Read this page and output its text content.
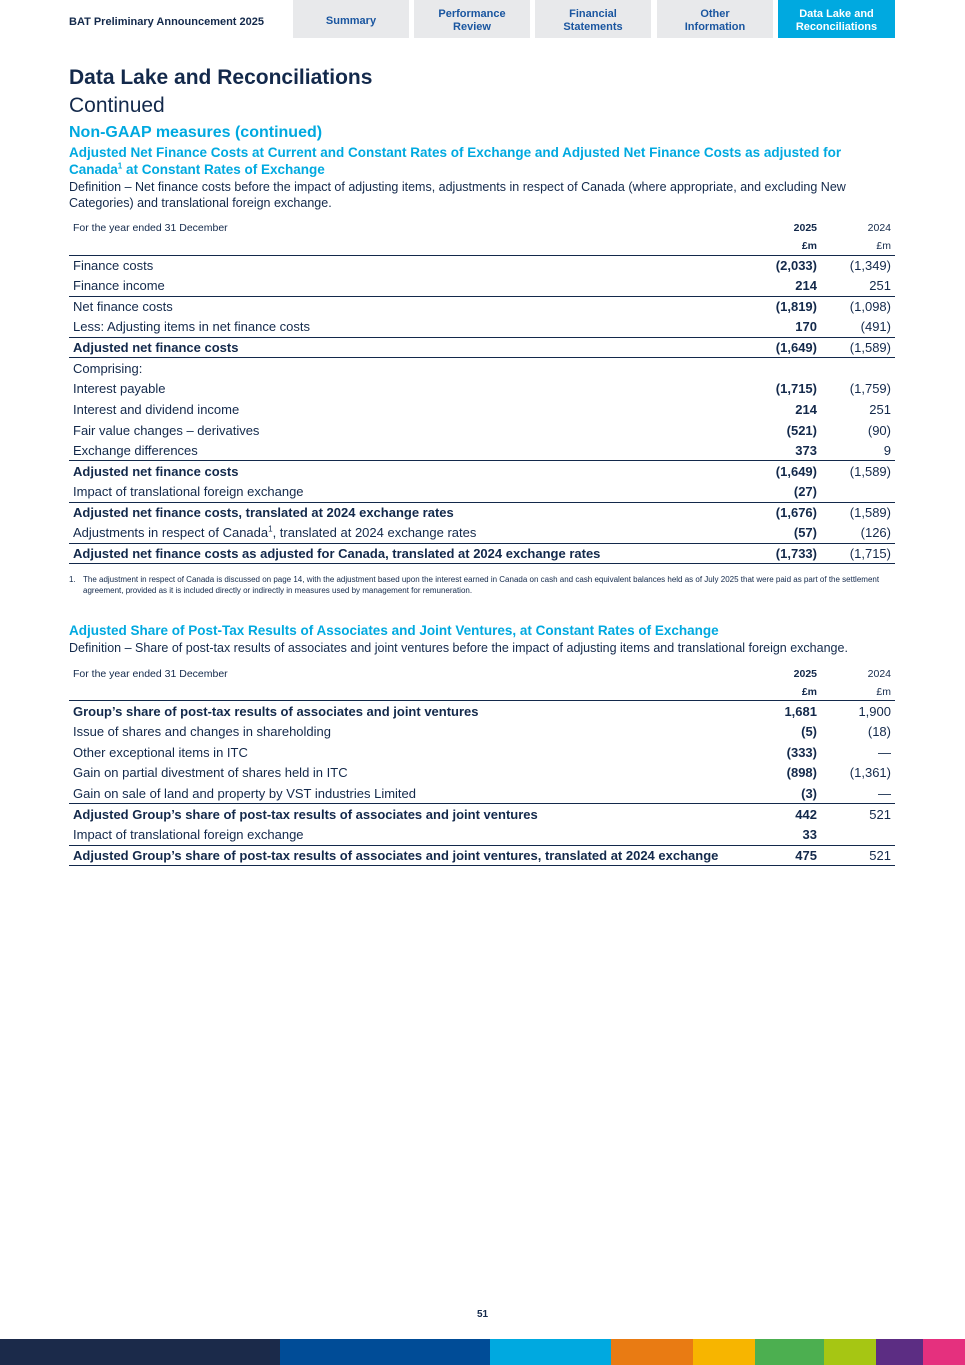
BAT Preliminary Announcement 2025	Summary
Performance
Review
Financial
Statements
Other
Information
Data Lake and
Reconciliations
Data Lake and Reconciliations
Continued
Non-GAAP measures (continued)
Adjusted Net Finance Costs at Current and Constant Rates of Exchange and Adjusted Net Finance Costs as adjusted for Canada$^1$ at Constant Rates of Exchange
Definition – Net finance costs before the impact of adjusting items, adjustments in respect of Canada (where appropriate, and excluding New Categories) and translational foreign exchange.
For the year ended 31 December	2025	2024
	£m	£m
Finance costs	(2,033)	(1,349)
Finance income	214	251
Net finance costs	(1,819)	(1,098)
Less: Adjusting items in net finance costs	170	(491)
Adjusted net finance costs	(1,649)	(1,589)
Comprising:		
Interest payable	(1,715)	(1,759)
Interest and dividend income	214	251
Fair value changes – derivatives	(521)	(90)
Exchange differences	373	9
Adjusted net finance costs	(1,649)	(1,589)
Impact of translational foreign exchange	(27)	
Adjusted net finance costs, translated at 2024 exchange rates	(1,676)	(1,589)
Adjustments in respect of Canada$^1$, translated at 2024 exchange rates	(57)	(126)
Adjusted net finance costs as adjusted for Canada, translated at 2024 exchange rates	(1,733)	(1,715)
1. The adjustment in respect of Canada is discussed on page 14, with the adjustment based upon the interest earned in Canada on cash and cash equivalent balances held as of July 2025 that were paid as part of the settlement agreement, provided as it is included directly or indirectly in measures used by management for remuneration.
Adjusted Share of Post-Tax Results of Associates and Joint Ventures, at Constant Rates of Exchange
Definition – Share of post-tax results of associates and joint ventures before the impact of adjusting items and translational foreign exchange.
For the year ended 31 December	2025	2024
	£m	£m
Group’s share of post-tax results of associates and joint ventures	1,681	1,900
Issue of shares and changes in shareholding	(5)	(18)
Other exceptional items in ITC	(333)	—
Gain on partial divestment of shares held in ITC	(898)	(1,361)
Gain on sale of land and property by VST industries Limited	(3)	—
Adjusted Group’s share of post-tax results of associates and joint ventures	442	521
Impact of translational foreign exchange	33	
Adjusted Group’s share of post-tax results of associates and joint ventures, translated at 2024 exchange	475	521
51
